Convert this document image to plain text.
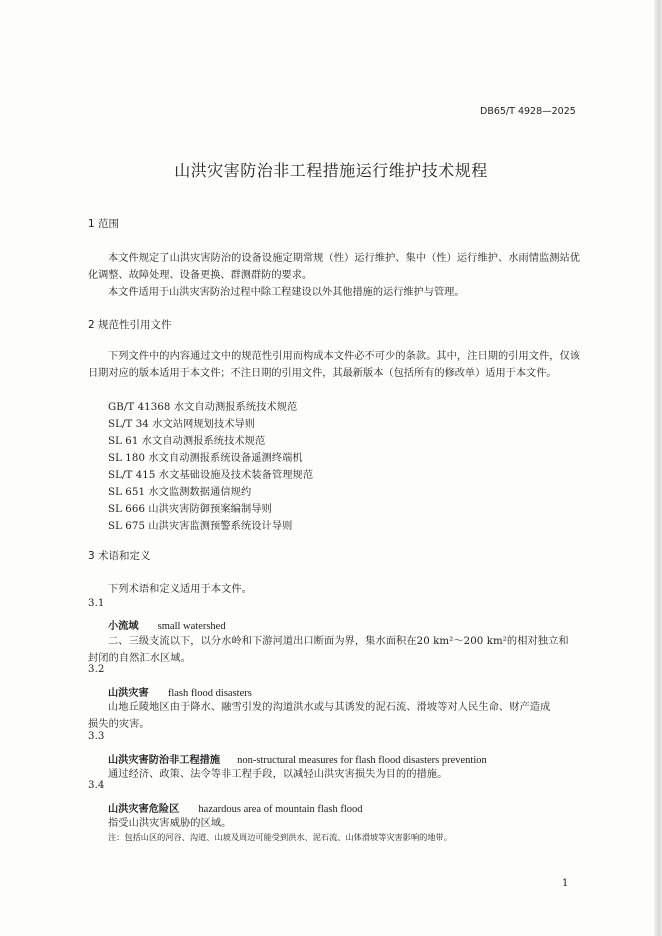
DB65/T 4928—2025
山洪灾害防治非工程措施运行维护技术规程
1 范围
本文件规定了山洪灾害防治的设备设施定期常规（性）运行维护、集中（性）运行维护、水雨情监测站优化调整、故障处理、设备更换、群测群防的要求。
本文件适用于山洪灾害防治过程中除工程建设以外其他措施的运行维护与管理。
2 规范性引用文件
下列文件中的内容通过文中的规范性引用而构成本文件必不可少的条款。其中，注日期的引用文件，仅该日期对应的版本适用于本文件；不注日期的引用文件，其最新版本（包括所有的修改单）适用于本文件。
GB/T 41368 水文自动测报系统技术规范
SL/T 34 水文站网规划技术导则
SL 61 水文自动测报系统技术规范
SL 180 水文自动测报系统设备遥测终端机
SL/T 415 水文基础设施及技术装备管理规范
SL 651 水文监测数据通信规约
SL 666 山洪灾害防御预案编制导则
SL 675 山洪灾害监测预警系统设计导则
3 术语和定义
下列术语和定义适用于本文件。
3.1
小流域 small watershed
二、三级支流以下，以分水岭和下游河道出口断面为界，集水面积在20 km²～200 km²的相对独立和
封闭的自然汇水区域。
3.2
山洪灾害 flash flood disasters
山地丘陵地区由于降水、融雪引发的沟道洪水或与其诱发的泥石流、滑坡等对人民生命、财产造成
损失的灾害。
3.3
山洪灾害防治非工程措施 non-structural measures for flash flood disasters prevention
通过经济、政策、法令等非工程手段，以减轻山洪灾害损失为目的的措施。
3.4
山洪灾害危险区 hazardous area of mountain flash flood
指受山洪灾害威胁的区域。
注：包括山区的河谷、沟道、山坡及周边可能受到洪水、泥石流、山体滑坡等灾害影响的地带。
1
